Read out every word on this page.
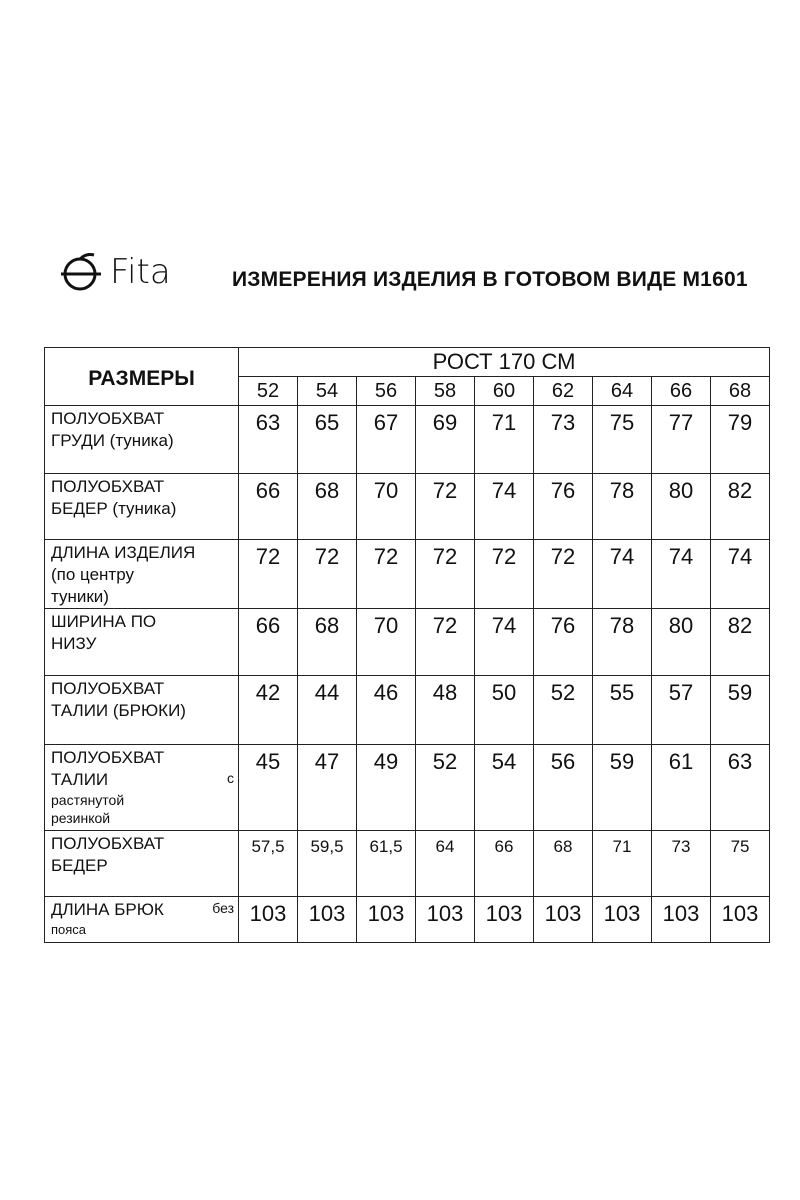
Fita	ИЗМЕРЕНИЯ ИЗДЕЛИЯ В ГОТОВОМ ВИДЕ М1601
РАЗМЕРЫ	РОСТ 170 СМ								
	52	54	56	58	60	62	64	66	68

ПОЛУОБХВАТ
ГРУДИ (туника)	63	65	67	69	71	73	75	77	79

ПОЛУОБХВАТ
БЕДЕР (туника)	66	68	70	72	74	76	78	80	82

ДЛИНА ИЗДЕЛИЯ
(по центру
туники)	72	72	72	72	72	72	74	74	74

ШИРИНА ПО
НИЗУ	66	68	70	72	74	76	78	80	82

ПОЛУОБХВАТ
ТАЛИИ (БРЮКИ)	42	44	46	48	50	52	55	57	59

ПОЛУОБХВАТ
ТАЛИИ с
растянутой
резинкой	45	47	49	52	54	56	59	61	63

ПОЛУОБХВАТ
БЕДЕР	57,5	59,5	61,5	64	66	68	71	73	75

ДЛИНА БРЮК без
пояса	103	103	103	103	103	103	103	103	103
